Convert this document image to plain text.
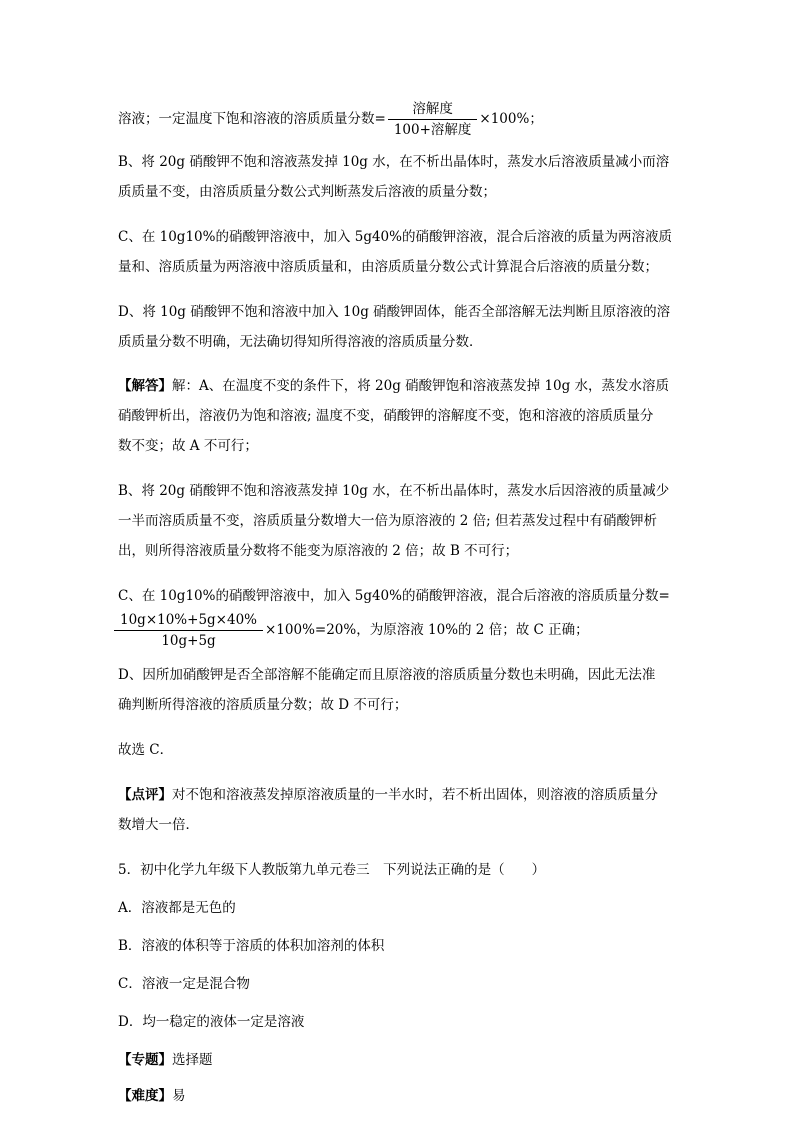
溶液；一定温度下饱和溶液的溶质质量分数= $\frac{\text{溶解度}}{\text{100+溶解度}} \times 100\%$；
B、将 20g 硝酸钾不饱和溶液蒸发掉 10g 水，在不析出晶体时，蒸发水后溶液质量减小而溶
质质量不变，由溶质质量分数公式判断蒸发后溶液的质量分数；
C、在 10g10%的硝酸钾溶液中，加入 5g40%的硝酸钾溶液，混合后溶液的质量为两溶液质
量和、溶质质量为两溶液中溶质质量和，由溶质质量分数公式计算混合后溶液的质量分数；
D、将 10g 硝酸钾不饱和溶液中加入 10g 硝酸钾固体，能否全部溶解无法判断且原溶液的溶
质质量分数不明确，无法确切得知所得溶液的溶质质量分数．
【解答】解：A、在温度不变的条件下，将 20g 硝酸钾饱和溶液蒸发掉 10g 水，蒸发水溶质
硝酸钾析出，溶液仍为饱和溶液; 温度不变，硝酸钾的溶解度不变，饱和溶液的溶质质量分
数不变；故 A 不可行；
B、将 20g 硝酸钾不饱和溶液蒸发掉 10g 水，在不析出晶体时，蒸发水后因溶液的质量减少
一半而溶质质量不变，溶质质量分数增大一倍为原溶液的 2 倍; 但若蒸发过程中有硝酸钾析
出，则所得溶液质量分数将不能变为原溶液的 2 倍；故 B 不可行；
C、在 10g10%的硝酸钾溶液中，加入 5g40%的硝酸钾溶液，混合后溶液的溶质质量分数=
$\frac{10g\times 10\%+5g\times 40\%}{10g+5g} \times 100\%=20\%$，为原溶液 10%的 2 倍；故 C 正确；
D、因所加硝酸钾是否全部溶解不能确定而且原溶液的溶质质量分数也未明确，因此无法准
确判断所得溶液的溶质质量分数；故 D 不可行；
故选 C．
【点评】对不饱和溶液蒸发掉原溶液质量的一半水时，若不析出固体，则溶液的溶质质量分
数增大一倍．
5．初中化学九年级下人教版第九单元卷三　下列说法正确的是（　　）
A．溶液都是无色的
B．溶液的体积等于溶质的体积加溶剂的体积
C．溶液一定是混合物
D．均一稳定的液体一定是溶液
【专题】选择题
【难度】易
